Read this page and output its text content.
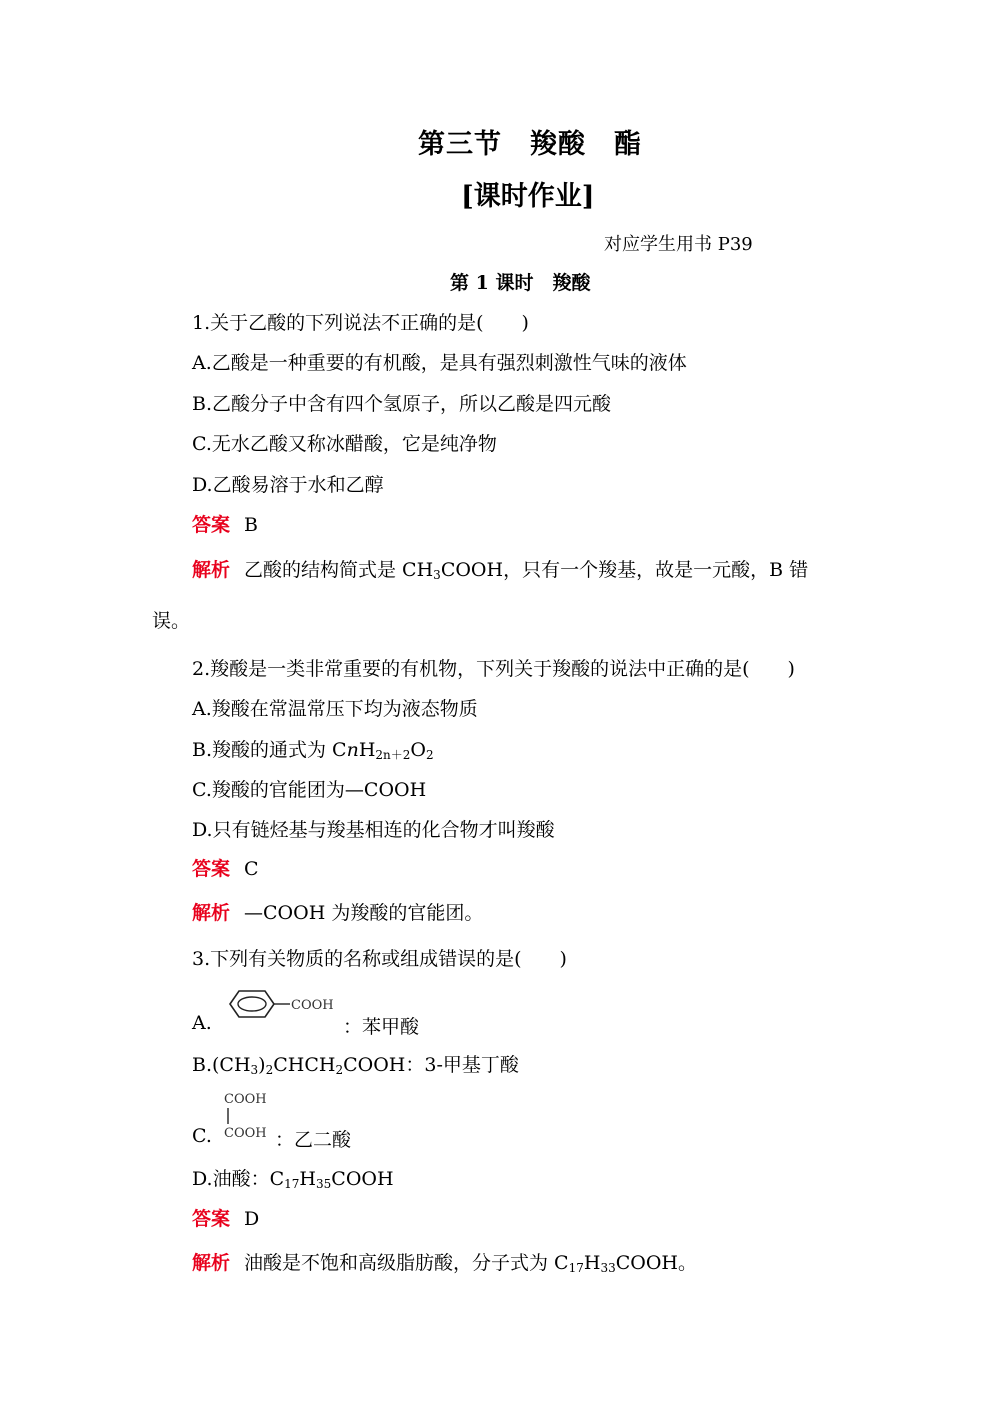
第三节　羧酸　酯
[课时作业]
对应学生用书 P39
第 1 课时　羧酸
1.关于乙酸的下列说法不正确的是(　　)
A.乙酸是一种重要的有机酸，是具有强烈刺激性气味的液体
B.乙酸分子中含有四个氢原子，所以乙酸是四元酸
C.无水乙酸又称冰醋酸，它是纯净物
D.乙酸易溶于水和乙醇
答案 B
解析 乙酸的结构简式是 $CH_3COOH$，只有一个羧基，故是一元酸，B 错
误。
2.羧酸是一类非常重要的有机物，下列关于羧酸的说法中正确的是(　　)
A.羧酸在常温常压下均为液态物质
B.羧酸的通式为 $CnH_{2n+2}O_2$
C.羧酸的官能团为—COOH
D.只有链烃基与羧基相连的化合物才叫羧酸
答案 C
解析 —COOH 为羧酸的官能团。
3.下列有关物质的名称或组成错误的是(　　)
A.
COOH
：苯甲酸
$B.(CH_3)_2CHCH_2COOH$：3-甲基丁酸
C.
COOH
COOH ：乙二酸
D.油酸：$C_{17}H_{35}COOH$
答案 D
解析 油酸是不饱和高级脂肪酸，分子式为 $C_{17}H_{33}COOH$。
